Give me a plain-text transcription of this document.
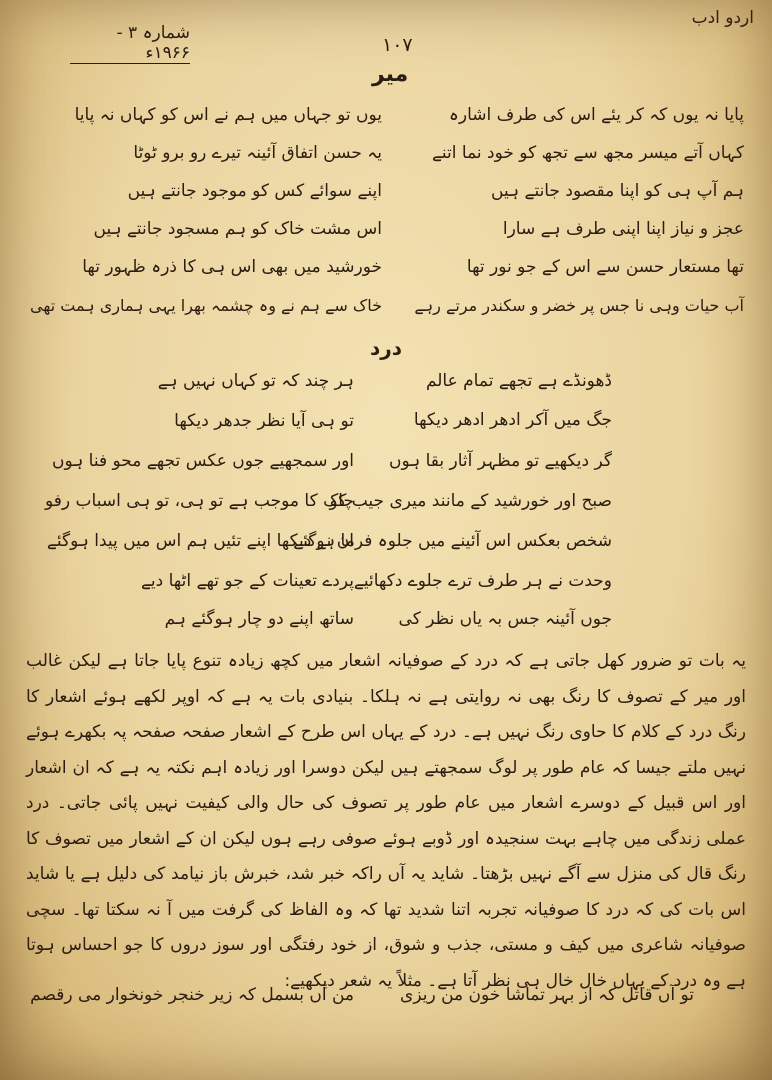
اردو ادب
۱۰۷
شمارہ ۳ - ۱۹۶۶ء
میر
پایا نہ یوں کہ کر یئے اس کی طرف اشارہ
یوں تو جہاں میں ہم نے اس کو کہاں نہ پایا
کہاں آتے میسر مجھ سے تجھ کو خود نما اتنے
یہ حسن اتفاق آئینہ تیرے رو برو ٹوٹا
ہم آپ ہی کو اپنا مقصود جانتے ہیں
اپنے سوائے کس کو موجود جانتے ہیں
عجز و نیاز اپنا اپنی طرف ہے سارا
اس مشت خاک کو ہم مسجود جانتے ہیں
تھا مستعار حسن سے اس کے جو نور تھا
خورشید میں بھی اس ہی کا ذرہ ظہور تھا
آب حیات وہی نا جس پر خضر و سکندر مرتے رہے
خاک سے ہم نے وہ چشمہ بھرا یہی ہماری ہمت تھی
درد
ڈھونڈے ہے تجھے تمام عالم
ہر چند کہ تو کہاں نہیں ہے
جگ میں آکر ادھر ادھر دیکھا
تو ہی آیا نظر جدھر دیکھا
گر دیکھیے تو مظہر آثار بقا ہوں
اور سمجھیے جوں عکس تجھے محو فنا ہوں
صبح اور خورشید کے مانند میری جیب کو
چاک کا موجب ہے تو ہی، تو ہی اسباب رفو
شخص بعکس اس آئینے میں جلوہ فرما ہوگئے
ان نے دیکھا اپنے تئیں ہم اس میں پیدا ہوگئے
وحدت نے ہر طرف ترے جلوے دکھائیے
پردے تعینات کے جو تھے اٹھا دیے
جوں آئینہ جس بہ یاں نظر کی
ساتھ اپنے دو چار ہوگئے ہم
یہ بات تو ضرور کھل جاتی ہے کہ درد کے صوفیانہ اشعار میں کچھ زیادہ تنوع پایا جاتا ہے لیکن غالب اور میر کے تصوف کا رنگ بھی نہ روایتی ہے نہ ہلکا۔ بنیادی بات یہ ہے کہ اوپر لکھے ہوئے اشعار کا رنگ درد کے کلام کا حاوی رنگ نہیں ہے۔ درد کے یہاں اس طرح کے اشعار صفحہ صفحہ پہ بکھرے ہوئے نہیں ملتے جیسا کہ عام طور پر لوگ سمجھتے ہیں لیکن دوسرا اور زیادہ اہم نکتہ یہ ہے کہ ان اشعار اور اس قبیل کے دوسرے اشعار میں عام طور پر تصوف کی حال والی کیفیت نہیں پائی جاتی۔ درد عملی زندگی میں چاہے بہت سنجیدہ اور ڈوبے ہوئے صوفی رہے ہوں لیکن ان کے اشعار میں تصوف کا رنگ قال کی منزل سے آگے نہیں بڑھتا۔ شاید یہ آں راکہ خبر شد، خبرش باز نیامد کی دلیل ہے یا شاید اس بات کی کہ درد کا صوفیانہ تجربہ اتنا شدید تھا کہ وہ الفاظ کی گرفت میں آ نہ سکتا تھا۔ سچی صوفیانہ شاعری میں کیف و مستی، جذب و شوق، از خود رفتگی اور سوز دروں کا جو احساس ہوتا ہے وہ درد کے یہاں خال خال ہی نظر آتا ہے۔ مثلاً یہ شعر دیکھیے:
تو آں قاتل کہ از بہر تماشا خون من ریزی
من آں بسمل کہ زیر خنجر خونخوار می رقصم
